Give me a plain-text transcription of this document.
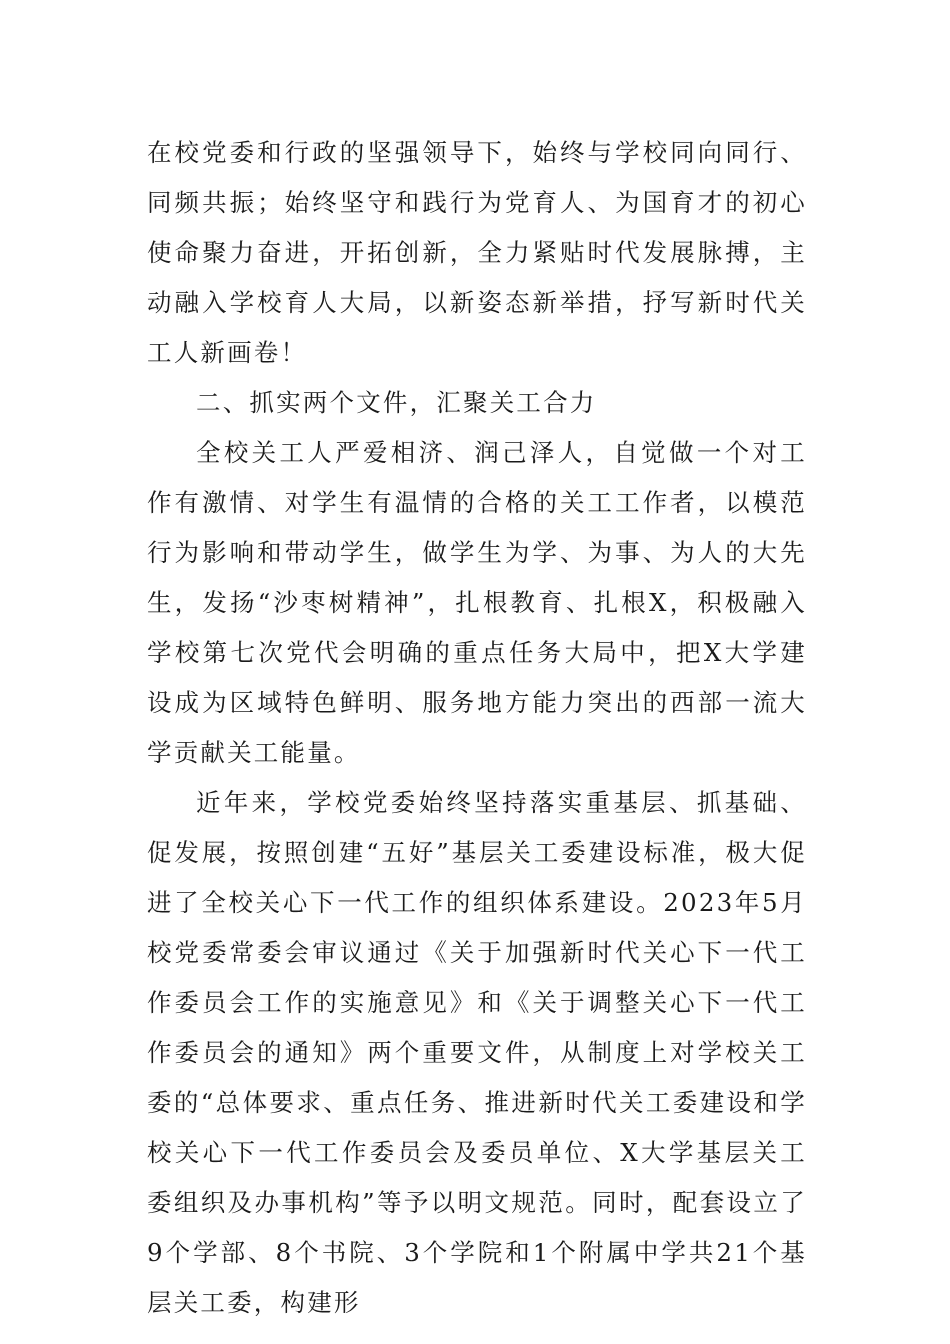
在校党委和行政的坚强领导下，始终与学校同向同行、同频共振；始终坚守和践行为党育人、为国育才的初心使命聚力奋进，开拓创新，全力紧贴时代发展脉搏，主动融入学校育人大局，以新姿态新举措，抒写新时代关工人新画卷！

二、抓实两个文件，汇聚关工合力

全校关工人严爱相济、润己泽人，自觉做一个对工作有激情、对学生有温情的合格的关工工作者，以模范行为影响和带动学生，做学生为学、为事、为人的大先生，发扬“沙枣树精神”，扎根教育、扎根X，积极融入学校第七次党代会明确的重点任务大局中，把X大学建设成为区域特色鲜明、服务地方能力突出的西部一流大学贡献关工能量。

近年来，学校党委始终坚持落实重基层、抓基础、促发展，按照创建“五好”基层关工委建设标准，极大促进了全校关心下一代工作的组织体系建设。2023年5月校党委常委会审议通过《关于加强新时代关心下一代工作委员会工作的实施意见》和《关于调整关心下一代工作委员会的通知》两个重要文件，从制度上对学校关工委的“总体要求、重点任务、推进新时代关工委建设和学校关心下一代工作委员会及委员单位、X大学基层关工委组织及办事机构”等予以明文规范。同时，配套设立了9个学部、8个书院、3个学院和1个附属中学共21个基层关工委，构建形
